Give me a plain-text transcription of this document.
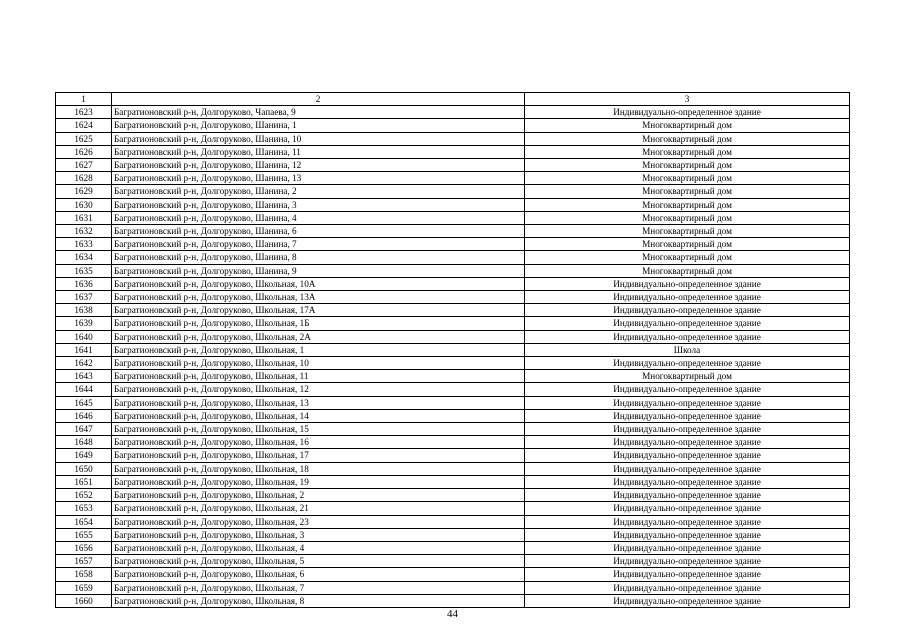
1	2	3
1623	Багратионовский р-н, Долгоруково, Чапаева, 9	Индивидуально-определенное здание
1624	Багратионовский р-н, Долгоруково, Шанина, 1	Многоквартирный дом
1625	Багратионовский р-н, Долгоруково, Шанина, 10	Многоквартирный дом
1626	Багратионовский р-н, Долгоруково, Шанина, 11	Многоквартирный дом
1627	Багратионовский р-н, Долгоруково, Шанина, 12	Многоквартирный дом
1628	Багратионовский р-н, Долгоруково, Шанина, 13	Многоквартирный дом
1629	Багратионовский р-н, Долгоруково, Шанина, 2	Многоквартирный дом
1630	Багратионовский р-н, Долгоруково, Шанина, 3	Многоквартирный дом
1631	Багратионовский р-н, Долгоруково, Шанина, 4	Многоквартирный дом
1632	Багратионовский р-н, Долгоруково, Шанина, 6	Многоквартирный дом
1633	Багратионовский р-н, Долгоруково, Шанина, 7	Многоквартирный дом
1634	Багратионовский р-н, Долгоруково, Шанина, 8	Многоквартирный дом
1635	Багратионовский р-н, Долгоруково, Шанина, 9	Многоквартирный дом
1636	Багратионовский р-н, Долгоруково, Школьная, 10А	Индивидуально-определенное здание
1637	Багратионовский р-н, Долгоруково, Школьная, 13А	Индивидуально-определенное здание
1638	Багратионовский р-н, Долгоруково, Школьная, 17А	Индивидуально-определенное здание
1639	Багратионовский р-н, Долгоруково, Школьная, 1Б	Индивидуально-определенное здание
1640	Багратионовский р-н, Долгоруково, Школьная, 2А	Индивидуально-определенное здание
1641	Багратионовский р-н, Долгоруково, Школьная, 1	Школа
1642	Багратионовский р-н, Долгоруково, Школьная, 10	Индивидуально-определенное здание
1643	Багратионовский р-н, Долгоруково, Школьная, 11	Многоквартирный дом
1644	Багратионовский р-н, Долгоруково, Школьная, 12	Индивидуально-определенное здание
1645	Багратионовский р-н, Долгоруково, Школьная, 13	Индивидуально-определенное здание
1646	Багратионовский р-н, Долгоруково, Школьная, 14	Индивидуально-определенное здание
1647	Багратионовский р-н, Долгоруково, Школьная, 15	Индивидуально-определенное здание
1648	Багратионовский р-н, Долгоруково, Школьная, 16	Индивидуально-определенное здание
1649	Багратионовский р-н, Долгоруково, Школьная, 17	Индивидуально-определенное здание
1650	Багратионовский р-н, Долгоруково, Школьная, 18	Индивидуально-определенное здание
1651	Багратионовский р-н, Долгоруково, Школьная, 19	Индивидуально-определенное здание
1652	Багратионовский р-н, Долгоруково, Школьная, 2	Индивидуально-определенное здание
1653	Багратионовский р-н, Долгоруково, Школьная, 21	Индивидуально-определенное здание
1654	Багратионовский р-н, Долгоруково, Школьная, 23	Индивидуально-определенное здание
1655	Багратионовский р-н, Долгоруково, Школьная, 3	Индивидуально-определенное здание
1656	Багратионовский р-н, Долгоруково, Школьная, 4	Индивидуально-определенное здание
1657	Багратионовский р-н, Долгоруково, Школьная, 5	Индивидуально-определенное здание
1658	Багратионовский р-н, Долгоруково, Школьная, 6	Индивидуально-определенное здание
1659	Багратионовский р-н, Долгоруково, Школьная, 7	Индивидуально-определенное здание
1660	Багратионовский р-н, Долгоруково, Школьная, 8	Индивидуально-определенное здание
44
